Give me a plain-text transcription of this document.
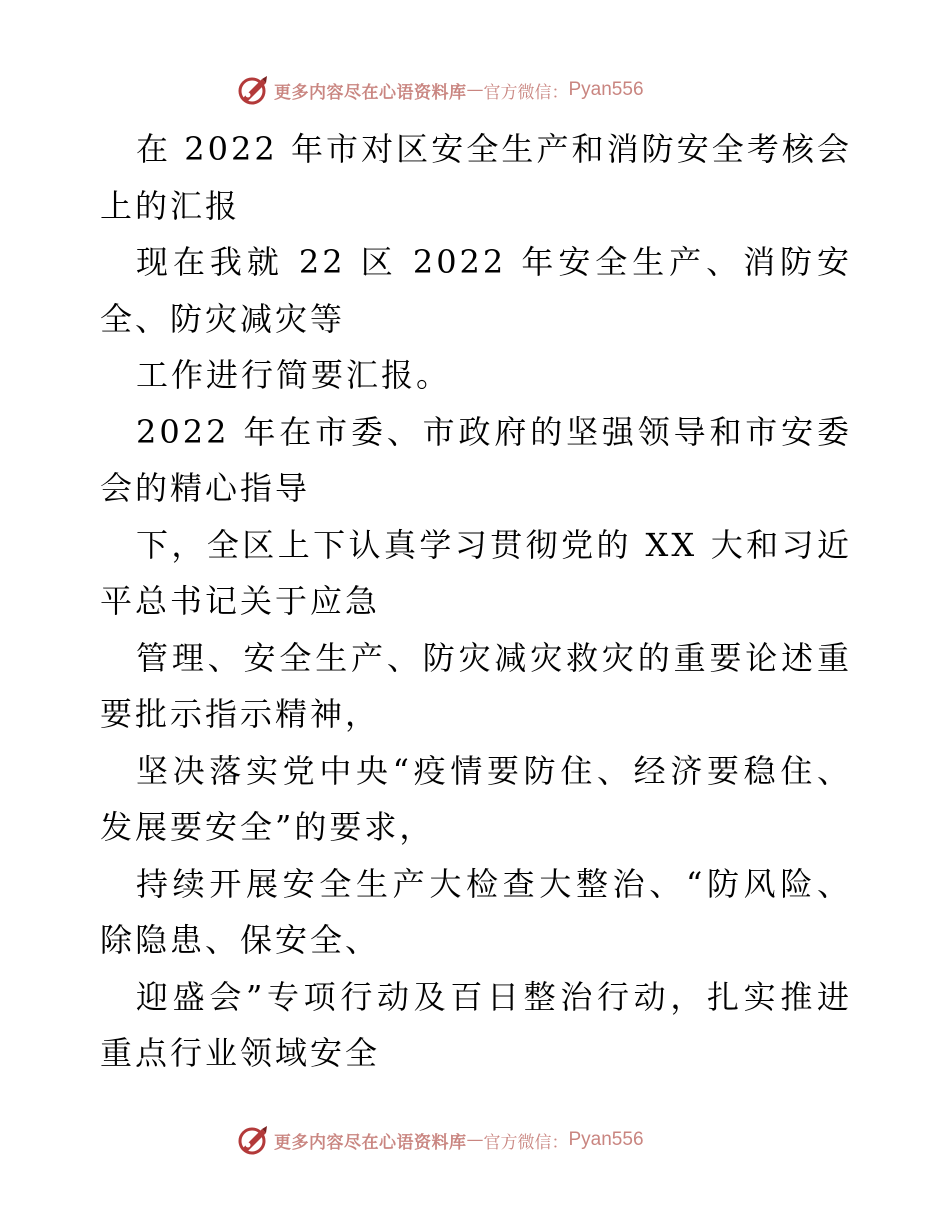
更多内容尽在心语资料库 — 官方微信： Pyan556

在 2022 年市对区安全生产和消防安全考核会上的汇报

现在我就 22 区 2022 年安全生产、消防安全、防灾减灾等

工作进行简要汇报。

2022 年在市委、市政府的坚强领导和市安委会的精心指导

下，全区上下认真学习贯彻党的 XX 大和习近平总书记关于应急

管理、安全生产、防灾减灾救灾的重要论述重要批示指示精神，

坚决落实党中央“疫情要防住、经济要稳住、发展要安全”的要求，

持续开展安全生产大检查大整治、“防风险、除隐患、保安全、

迎盛会”专项行动及百日整治行动，扎实推进重点行业领域安全

更多内容尽在心语资料库 — 官方微信： Pyan556
